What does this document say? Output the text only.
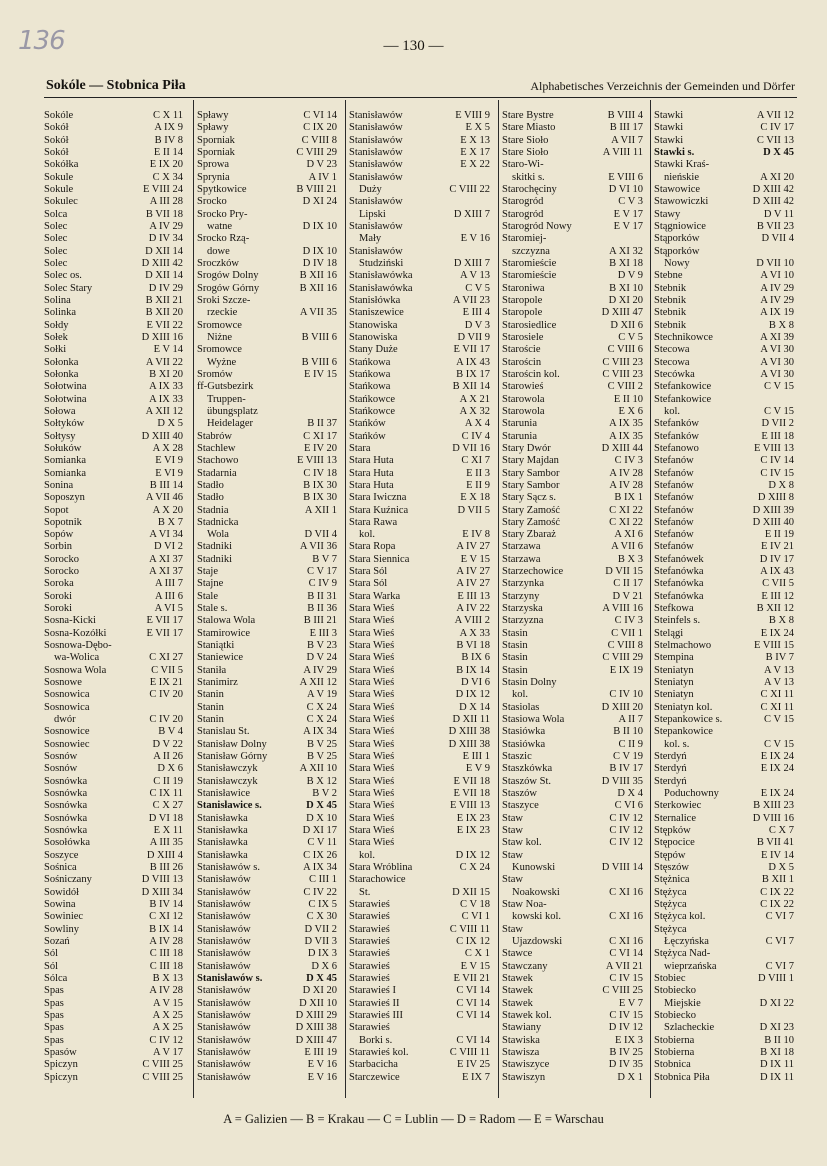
136	— 130 —
Sokóle — Stobnica Piła	Alphabetisches Verzeichnis der Gemeinden und Dörfer
Sokóle	C X 11
Sokół	A IX 9
Sokół	B IV 8
Sokół	E II 14
Sokółka	E IX 20
Sokule	C X 34
Sokule	E VIII 24
Sokulec	A III 28
Solca	B VII 18
Solec	A IV 29
Solec	D IV 34
Solec	D XII 14
Solec	D XIII 42
Solec os.	D XII 14
Solec Stary	D IV 29
Solina	B XII 21
Solinka	B XII 20
Sołdy	E VII 22
Sołek	D XIII 16
Sołki	E V 14
Sołonka	A VII 22
Sołonka	B XI 20
Sołotwina	A IX 33
Sołotwina	A IX 33
Sołowa	A XII 12
Sołtyków	D X 5
Sołtysy	D XIII 40
Sołuków	A X 28
Somianka	E VI 9
Somianka	E VI 9
Sonina	B III 14
Soposzyn	A VII 46
Sopot	A X 20
Sopotnik	B X 7
Sopów	A VI 34
Sorbin	D VI 2
Sorocko	A XI 37
Sorocko	A XI 37
Soroka	A III 7
Soroki	A III 6
Soroki	A VI 5
Sosna-Kicki	E VII 17
Sosna-Kozółki	E VII 17
Sosnowa-Dębo-
wa-Wolica	C XI 27
Sosnowa Wola	C VII 5
Sosnowe	E IX 21
Sosnowica	C IV 20
Sosnowica
dwór	C IV 20
Sosnowice	B V 4
Sosnowiec	D V 22
Sosnów	A II 26
Sosnów	D X 6
Sosnówka	C II 19
Sosnówka	C IX 11
Sosnówka	C X 27
Sosnówka	D VI 18
Sosnówka	E X 11
Sosołówka	A III 35
Soszyce	D XIII 4
Sośnica	B III 26
Sośniczany	D VIII 13
Sowidół	D XIII 34
Sowina	B IV 14
Sowiniec	C XI 12
Sowliny	B IX 14
Sozań	A IV 28
Sól	C III 18
Sól	C III 18
Sólca	B X 13
Spas	A IV 28
Spas	A V 15
Spas	A X 25
Spas	A X 25
Spas	C IV 12
Spasów	A V 17
Spiczyn	C VIII 25
Spiczyn	C VIII 25
Spławy	C VI 14
Spławy	C IX 20
Sporniak	C VIII 8
Sporniak	C VIII 29
Sprowa	D V 23
Sprynia	A IV 1
Spytkowice	B VIII 21
Srocko	D XI 24
Srocko Pry-
watne	D IX 10
Srocko Rzą-
dowe	D IX 10
Sroczków	D IV 18
Srogów Dolny	B XII 16
Srogów Górny	B XII 16
Sroki Szcze-
rzeckie	A VII 35
Sromowce
Niżne	B VIII 6
Sromowce
Wyżne	B VIII 6
Sromów	E IV 15
ff-Gutsbezirk
Truppen-
übungsplatz
Heidelager	B II 37
Stabrów	C XI 17
Stachlew	E IV 20
Stachowo	E VIII 13
Stadarnia	C IV 18
Stadło	B IX 30
Stadło	B IX 30
Stadnia	A XII 1
Stadnicka
Wola	D VII 4
Stadniki	A VII 36
Stadniki	B V 7
Staje	C V 17
Stajne	C IV 9
Stale	B II 31
Stale s.	B II 36
Stalowa Wola	B III 21
Stamirowice	E III 3
Staniątki	B V 23
Staniewice	D V 24
Staniła	A IV 29
Stanimirz	A XII 12
Stanin	A V 19
Stanin	C X 24
Stanin	C X 24
Stanislau St.	A IX 34
Stanisław Dolny	B V 25
Stanisław Górny	B V 25
Stanisławczyk	A XII 10
Stanisławczyk	B X 12
Stanisławice	B V 2
Stanisławice s.	D X 45
Stanisławka	D X 10
Stanisławka	D XI 17
Stanisławka	C V 11
Stanisławka	C IX 26
Stanisławów s.	A IX 34
Stanisławów	C III 1
Stanisławów	C IV 22
Stanisławów	C IX 5
Stanisławów	C X 30
Stanisławów	D VII 2
Stanisławów	D VII 3
Stanisławów	D IX 3
Stanisławów	D X 6
Stanisławów s.	D X 45
Stanisławów	D XI 20
Stanisławów	D XII 10
Stanisławów	D XIII 29
Stanisławów	D XIII 38
Stanisławów	D XIII 47
Stanisławów	E III 19
Stanisławów	E V 16
Stanisławów	E V 16
Stanisławów	E VIII 9
Stanisławów	E X 5
Stanisławów	E X 13
Stanisławów	E X 17
Stanisławów	E X 22
Stanisławów
Duży	C VIII 22
Stanisławów
Lipski	D XIII 7
Stanisławów
Mały	E V 16
Stanisławów
Studziński	D XIII 7
Stanisławówka	A V 13
Stanisławówka	C V 5
Stanisłówka	A VII 23
Staniszewice	E III 4
Stanowiska	D V 3
Stanowiska	D VII 9
Stany Duże	E VII 17
Stańkowa	A IX 43
Stańkowa	B IX 17
Stańkowa	B XII 14
Stańkowce	A X 21
Stańkowce	A X 32
Stańków	A X 4
Stańków	C IV 4
Stara	D VII 16
Stara Huta	C XI 7
Stara Huta	E II 3
Stara Huta	E II 9
Stara Iwiczna	E X 18
Stara Kuźnica	D VII 5
Stara Rawa
kol.	E IV 8
Stara Ropa	A IV 27
Stara Siennica	E V 15
Stara Sól	A IV 27
Stara Sól	A IV 27
Stara Warka	E III 13
Stara Wieś	A IV 22
Stara Wieś	A VIII 2
Stara Wieś	A X 33
Stara Wieś	B VI 18
Stara Wieś	B IX 6
Stara Wieś	B IX 14
Stara Wieś	D VI 6
Stara Wieś	D IX 12
Stara Wieś	D X 14
Stara Wieś	D XII 11
Stara Wieś	D XIII 38
Stara Wieś	D XIII 38
Stara Wieś	E III 1
Stara Wieś	E V 9
Stara Wieś	E VII 18
Stara Wieś	E VII 18
Stara Wieś	E VIII 13
Stara Wieś	E IX 23
Stara Wieś	E IX 23
Stara Wieś
kol.	D IX 12
Stara Wróblina	C X 24
Starachowice
St.	D XII 15
Starawieś	C V 18
Starawieś	C VI 1
Starawieś	C VIII 11
Starawieś	C IX 12
Starawieś	C X 1
Starawieś	E V 15
Starawieś	E VII 21
Starawieś I	C VI 14
Starawieś II	C VI 14
Starawieś III	C VI 14
Starawieś
Borki s.	C VI 14
Starawieś kol.	C VIII 11
Starbacicha	E IV 25
Starczewice	E IX 7
Stare Bystre	B VIII 4
Stare Miasto	B III 17
Stare Sioło	A VII 7
Stare Sioło	A VIII 11
Staro-Wi-
skitki s.	E VIII 6
Starochęciny	D VI 10
Starogród	C V 3
Starogród	E V 17
Starogród Nowy	E V 17
Staromiej-
szczyzna	A XI 32
Staromieście	B XI 18
Staromieście	D V 9
Staroniwa	B XI 10
Staropole	D XI 20
Staropole	D XIII 47
Starosiedlice	D XII 6
Starosiele	C V 5
Staroście	C VIII 6
Starościn	C VIII 23
Starościn kol.	C VIII 23
Starowieś	C VIII 2
Starowola	E II 10
Starowola	E X 6
Starunia	A IX 35
Starunia	A IX 35
Stary Dwór	D XIII 44
Stary Majdan	C IV 3
Stary Sambor	A IV 28
Stary Sambor	A IV 28
Stary Sącz s.	B IX 1
Stary Zamość	C XI 22
Stary Zamość	C XI 22
Stary Zbaraż	A XI 6
Starzawa	A VII 6
Starzawa	B X 3
Starzechowice	D VII 15
Starzynka	C II 17
Starzyny	D V 21
Starzyska	A VIII 16
Starzyzna	C IV 3
Stasin	C VII 1
Stasin	C VIII 8
Stasin	C VIII 29
Stasin	E IX 19
Stasin Dolny
kol.	C IV 10
Stasiolas	D XIII 20
Stasiowa Wola	A II 7
Stasiówka	B II 10
Stasiówka	C II 9
Staszic	C V 19
Staszkówka	B IV 17
Staszów St.	D VIII 35
Staszów	D X 4
Staszyce	C VI 6
Staw	C IV 12
Staw	C IV 12
Staw kol.	C IV 12
Staw
Kunowski	D VIII 14
Staw
Noakowski	C XI 16
Staw Noa-
kowski kol.	C XI 16
Staw
Ujazdowski	C XI 16
Stawce	C VI 14
Stawczany	A VII 21
Stawek	C IV 15
Stawek	C VIII 25
Stawek	E V 7
Stawek kol.	C IV 15
Stawiany	D IV 12
Stawiska	E IX 3
Stawisza	B IV 25
Stawiszyce	D IV 35
Stawiszyn	D X 1
Stawki	A VII 12
Stawki	C IV 17
Stawki	C VII 13
Stawki s.	D X 45
Stawki Kraś-
nieńskie	A XI 20
Stawowice	D XIII 42
Stawowiczki	D XIII 42
Stawy	D V 11
Stągniowice	B VII 23
Stąporków	D VII 4
Stąporków
Nowy	D VII 10
Stebne	A VI 10
Stebnik	A IV 29
Stebnik	A IV 29
Stebnik	A IX 19
Stebnik	B X 8
Stechnikowce	A XI 39
Stecowa	A VI 30
Stecowa	A VI 30
Stecówka	A VI 30
Stefankowice	C V 15
Stefankowice
kol.	C V 15
Stefanków	D VII 2
Stefanków	E III 18
Stefanowo	E VIII 13
Stefanów	C IV 14
Stefanów	C IV 15
Stefanów	D X 8
Stefanów	D XIII 8
Stefanów	D XIII 39
Stefanów	D XIII 40
Stefanów	E II 19
Stefanów	E IV 21
Stefanówek	D IV 17
Stefanówka	A IX 43
Stefanówka	C VII 5
Stefanówka	E III 12
Stefkowa	B XII 12
Steinfels s.	B X 8
Stelągi	E IX 24
Stelmachowo	E VIII 15
Stempina	B IV 7
Steniatyn	A V 13
Steniatyn	A V 13
Steniatyn	C XI 11
Steniatyn kol.	C XI 11
Stepankowice s.	C V 15
Stepankowice
kol. s.	C V 15
Sterdyń	E IX 24
Sterdyń	E IX 24
Sterdyń
Poduchowny	E IX 24
Sterkowiec	B XIII 23
Sternalice	D VIII 16
Stępków	C X 7
Stępocice	B VII 41
Stępów	E IV 14
Stęszów	D X 5
Stężnica	B XII 1
Stężyca	C IX 22
Stężyca	C IX 22
Stężyca kol.	C VI 7
Stężyca
Łęczyńska	C VI 7
Stężyca Nad-
wieprzańska	C VI 7
Stobiec	D VIII 1
Stobiecko
Miejskie	D XI 22
Stobiecko
Szlacheckie	D XI 23
Stobierna	B II 10
Stobierna	B XI 18
Stobnica	D IX 11
Stobnica Piła	D IX 11
A = Galizien — B = Krakau — C = Lublin — D = Radom — E = Warschau
